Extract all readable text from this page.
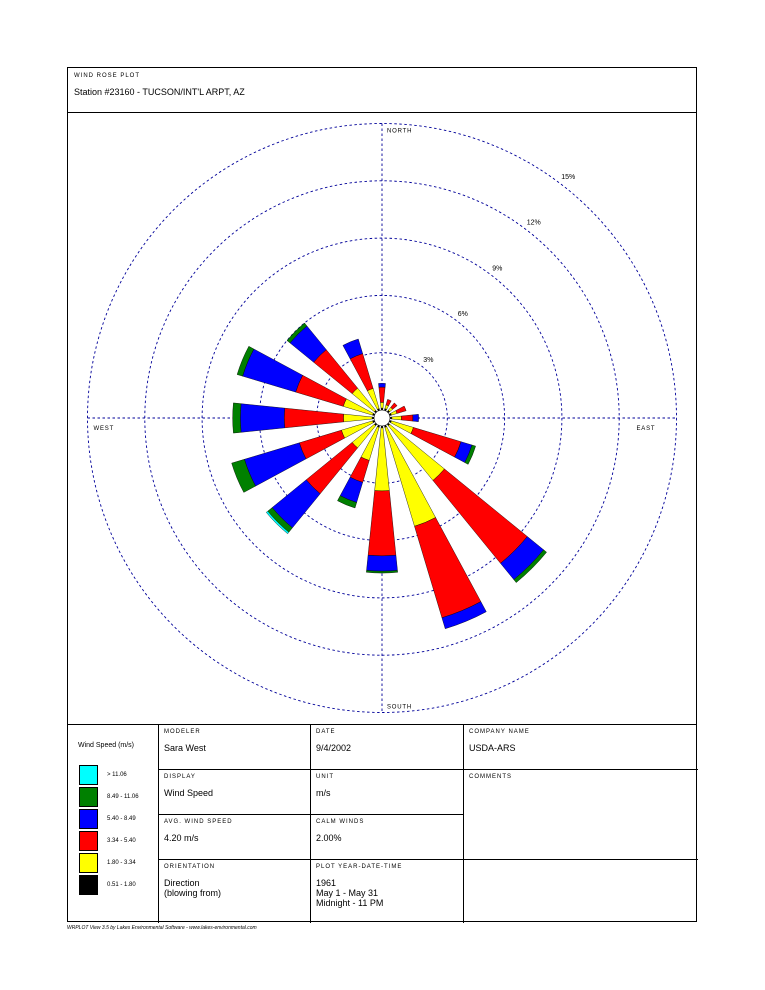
WIND ROSE PLOT
Station #23160 - TUCSON/INT'L ARPT, AZ
3%
6%
9%
12%
15%
NORTH
SOUTH
EAST
WEST
Wind Speed (m/s)
> 11.06
8.49 - 11.06
5.40 - 8.49
3.34 - 5.40
1.80 - 3.34
0.51 - 1.80
MODELER
Sara West
DATE
9/4/2002
COMPANY NAME
USDA-ARS
DISPLAY
Wind Speed
UNIT
m/s
COMMENTS
AVG. WIND SPEED
4.20 m/s
CALM WINDS
2.00%
ORIENTATION
Direction
(blowing from)
PLOT YEAR-DATE-TIME
1961
May 1 - May 31
Midnight - 11 PM
WRPLOT View 3.5 by Lakes Environmental Software - www.lakes-environmental.com
